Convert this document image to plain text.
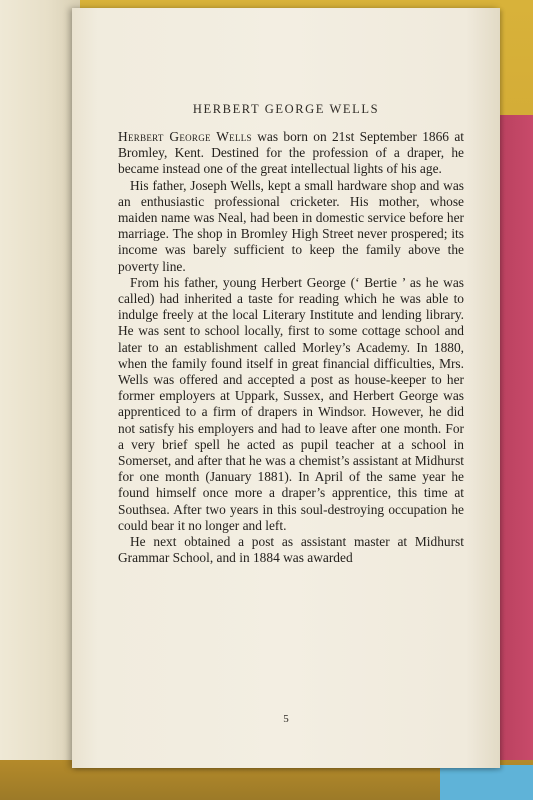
HERBERT GEORGE WELLS

Herbert George Wells was born on 21st September 1866 at Bromley, Kent. Destined for the profession of a draper, he became instead one of the great intellectual lights of his age.

His father, Joseph Wells, kept a small hardware shop and was an enthusiastic professional cricketer. His mother, whose maiden name was Neal, had been in domestic service before her marriage. The shop in Bromley High Street never prospered; its income was barely sufficient to keep the family above the poverty line.

From his father, young Herbert George (‘ Bertie ’ as he was called) had inherited a taste for reading which he was able to indulge freely at the local Literary Institute and lending library. He was sent to school locally, first to some cottage school and later to an establishment called Morley’s Academy. In 1880, when the family found itself in great financial difficulties, Mrs. Wells was offered and accepted a post as house-keeper to her former employers at Uppark, Sussex, and Herbert George was apprenticed to a firm of drapers in Windsor. However, he did not satisfy his employers and had to leave after one month. For a very brief spell he acted as pupil teacher at a school in Somerset, and after that he was a chemist’s assistant at Midhurst for one month (January 1881). In April of the same year he found himself once more a draper’s apprentice, this time at Southsea. After two years in this soul-destroying occupation he could bear it no longer and left.

He next obtained a post as assistant master at Midhurst Grammar School, and in 1884 was awarded

5
